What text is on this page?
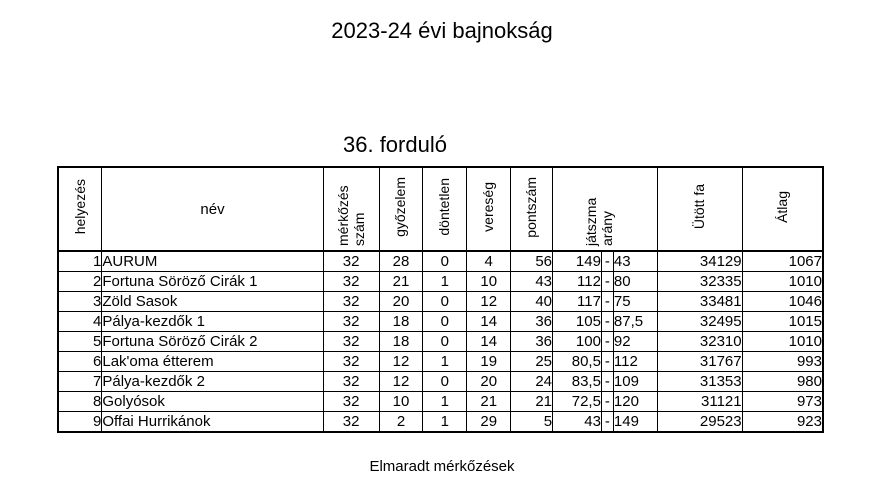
2023-24 évi bajnokság
36. forduló
helyezés	név	mérkőzés szám	győzelem	döntetlen	vereség	pontszám	játszma arány			Ütött fa	Átlag
1	AURUM	32	28	0	4	56	149	-	43	34129	1067
2	Fortuna Söröző Cirák 1	32	21	1	10	43	112	-	80	32335	1010
3	Zöld Sasok	32	20	0	12	40	117	-	75	33481	1046
4	Pálya-kezdők 1	32	18	0	14	36	105	-	87,5	32495	1015
5	Fortuna Söröző Cirák 2	32	18	0	14	36	100	-	92	32310	1010
6	Lak'oma étterem	32	12	1	19	25	80,5	-	112	31767	993
7	Pálya-kezdők 2	32	12	0	20	24	83,5	-	109	31353	980
8	Golyósok	32	10	1	21	21	72,5	-	120	31121	973
9	Offai Hurrikánok	32	2	1	29	5	43	-	149	29523	923
Elmaradt mérkőzések
